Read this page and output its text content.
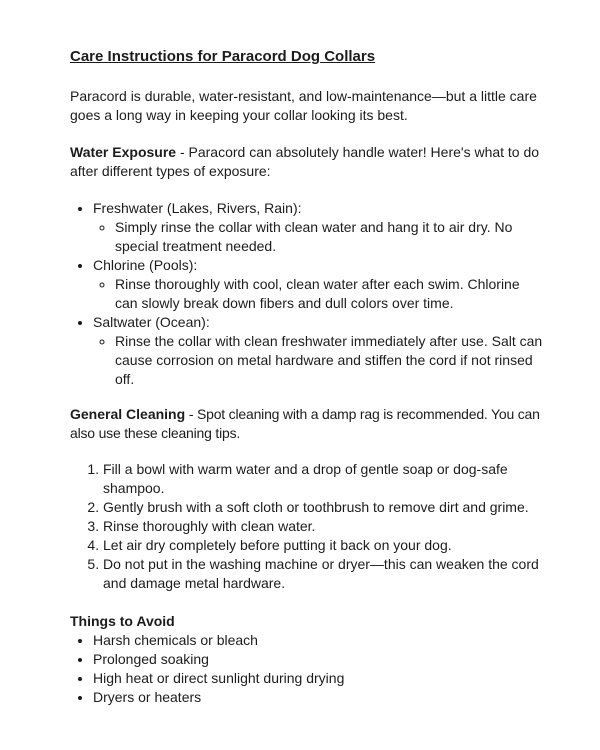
Care Instructions for Paracord Dog Collars

Paracord is durable, water-resistant, and low-maintenance—but a little care goes a long way in keeping your collar looking its best.

Water Exposure - Paracord can absolutely handle water! Here's what to do after different types of exposure:

• Freshwater (Lakes, Rivers, Rain):
◦ Simply rinse the collar with clean water and hang it to air dry. No special treatment needed.
• Chlorine (Pools):
◦ Rinse thoroughly with cool, clean water after each swim. Chlorine can slowly break down fibers and dull colors over time.
• Saltwater (Ocean):
◦ Rinse the collar with clean freshwater immediately after use. Salt can cause corrosion on metal hardware and stiffen the cord if not rinsed off.

General Cleaning - Spot cleaning with a damp rag is recommended. You can also use these cleaning tips.

1. Fill a bowl with warm water and a drop of gentle soap or dog-safe shampoo.
2. Gently brush with a soft cloth or toothbrush to remove dirt and grime.
3. Rinse thoroughly with clean water.
4. Let air dry completely before putting it back on your dog.
5. Do not put in the washing machine or dryer—this can weaken the cord and damage metal hardware.

Things to Avoid

• Harsh chemicals or bleach
• Prolonged soaking
• High heat or direct sunlight during drying
• Dryers or heaters
